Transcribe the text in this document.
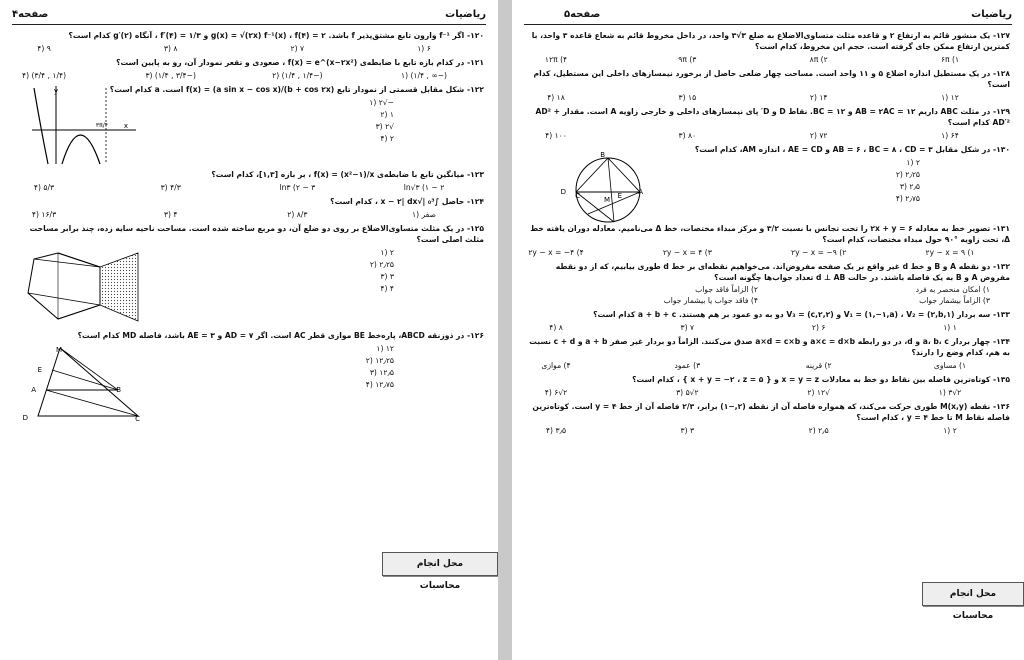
ریاضیات
صفحه۴
۱۲۰- اگر f⁻¹ وارون تابع مشتق‌پذیر f باشد. g(x) = √(۲x) f⁻¹(x) ، f(۴) = ۲ و f′(۴) = ۱/۳ ، آنگاه g′(۲) کدام است؟
۶ (۱
۷ (۲
۸ (۳
۹ (۴
۱۲۱- در کدام بازه تابع با ضابطه‌ی f(x) = e^(x−۲x²) ، صعودی و تقعر نمودار آن، رو به پایین است؟
(−∞ , ۱/۴) (۱
(−۱/۴ , ۱/۴) (۲
(−۳/۴ , ۱/۴) (۳
(۱/۴ , ۳/۴) (۴
۱۲۲- شکل مقابل قسمتی از نمودار تابع f(x) = (a sin x − cos x)/(b + cos ۲x) است. a کدام است؟
−√۲ (۱
۱ (۲
√۲ (۳
۲ (۴
x
y
۳π/۴
۱۲۳- میانگین تابع با ضابطه‌ی f(x) = (x²−۱)/x ، بر بازه [۱,۳]، کدام است؟
۲ − ln√۳ (۱
۳ − ln۳ (۲
۴/۳ (۳
۵/۳ (۴
۱۲۴- حاصل ∫₀³ |√x − ۲| dx ، کدام است؟
صفر (۱
۸/۳ (۲
۴ (۳
۱۶/۳ (۴
۱۲۵- در یک مثلث متساوی‌الاضلاع بر روی دو ضلع آن، دو مربع ساخته شده است. مساحت ناحیه سایه زده، چند برابر مساحت مثلث اصلی است؟
۲ (۱
۲٫۲۵ (۲
۳ (۳
۴ (۴
۱۲۶- در ذوزنقه ABCD، پاره‌خط BE موازی قطر AC است. اگر AD = ۷ و AE = ۳ باشد، فاصله MD کدام است؟
۱۲ (۱
۱۲٫۲۵ (۲
۱۲٫۵ (۳
۱۲٫۷۵ (۴
M
E
A	B
D	C
محل انجام محاسبات
ریاضیات
صفحه۵
۱۲۷- یک منشور قائم به ارتفاع ۲ و قاعده مثلث متساوی‌الاضلاع به ضلع ۳√۳ واحد، در داخل مخروط قائم به شعاع قاعده ۳ واحد، با کمترین ارتفاع ممکن جای گرفته است. حجم این مخروط، کدام است؟
۶π (۱
۸π (۲
۹π (۳
۱۲π (۴
۱۲۸- در یک مستطیل اندازه اضلاع ۵ و ۱۱ واحد است. مساحت چهار ضلعی حاصل از برخورد نیمسازهای داخلی این مستطیل، کدام است؟
۱۲ (۱
۱۴ (۲
۱۵ (۳
۱۸ (۴
۱۲۹- در مثلث ABC داریم AB = ۲AC = ۱۲ و BC = ۱۲. نقاط D و D′ پای نیمسازهای داخلی و خارجی زاویه A است. مقدار AD² + AD′² کدام است؟
۶۴ (۱
۷۲ (۲
۸۰ (۳
۱۰۰ (۴
۱۳۰- در شکل مقابل AB = ۶ ، BC = ۸ ، CD = ۳ و AE = CD ، اندازه AM، کدام است؟
۲ (۱
۲٫۲۵ (۲
۲٫۵ (۳
۲٫۷۵ (۴
B
A
D C	M E
۱۳۱- تصویر خط به معادله ۲x + y = ۶ را تحت تجانس با نسبت ۳/۲ و مرکز مبداء مختصات، خط Δ می‌نامیم. معادله دوران یافته خط Δ، تحت زاویه °۹۰ حول مبداء مختصات، کدام است؟
۲y − x = ۹ (۱
۲y − x = −۹ (۲
۲y − x = ۴ (۳
۲y − x = −۴ (۴
۱۳۲- دو نقطه A و B و خط d غیر واقع بر یک صفحه مفروض‌اند. می‌خواهیم نقطه‌ای بر خط d طوری بیابیم، که از دو نقطه مفروض A و B به یک فاصله باشند. در حالت d ⊥ AB تعداد جواب‌ها چگونه است؟
۱) امکان منحصر به فرد
۲) الزاماً فاقد جواب
۳) الزاماً بیشمار جواب
۴) فاقد جواب یا بیشمار جواب
۱۳۳- سه بردار V₁ = (۱,−۱,a) ، V₂ = (۲,b,۱) و V₃ = (c,۲,۲) دو به دو عمود بر هم هستند. a + b + c کدام است؟
۱ (۱
۶ (۲
۷ (۳
۸ (۴
۱۳۴- چهار بردار a، b، c و d، در دو رابطه a×c = d×b و a×d = c×b صدق می‌کنند. الزاماً دو بردار غیر صفر a + b و c + d نسبت به هم، کدام وضع را دارند؟
۱) مساوی
۲) قرینه
۳) عمود
۴) موازی
۱۳۵- کوتاه‌ترین فاصله بین نقاط دو خط به معادلات x = y = z و { x + y = −۲ ، z = ۵ } ، کدام است؟
۲√۳ (۱
√۱۲ (۲
۲√۵ (۳
۲√۶ (۴
۱۳۶- نقطه M(x,y) طوری حرکت می‌کند، که همواره فاصله آن از نقطه (۲,−۱) برابر، ۲/۳ فاصله آن از خط y = ۴ است. کوتاه‌ترین فاصله نقاط M تا خط y = ۴ ، کدام است؟
۲ (۱
۲٫۵ (۲
۳ (۳
۳٫۵ (۴
محل انجام محاسبات
